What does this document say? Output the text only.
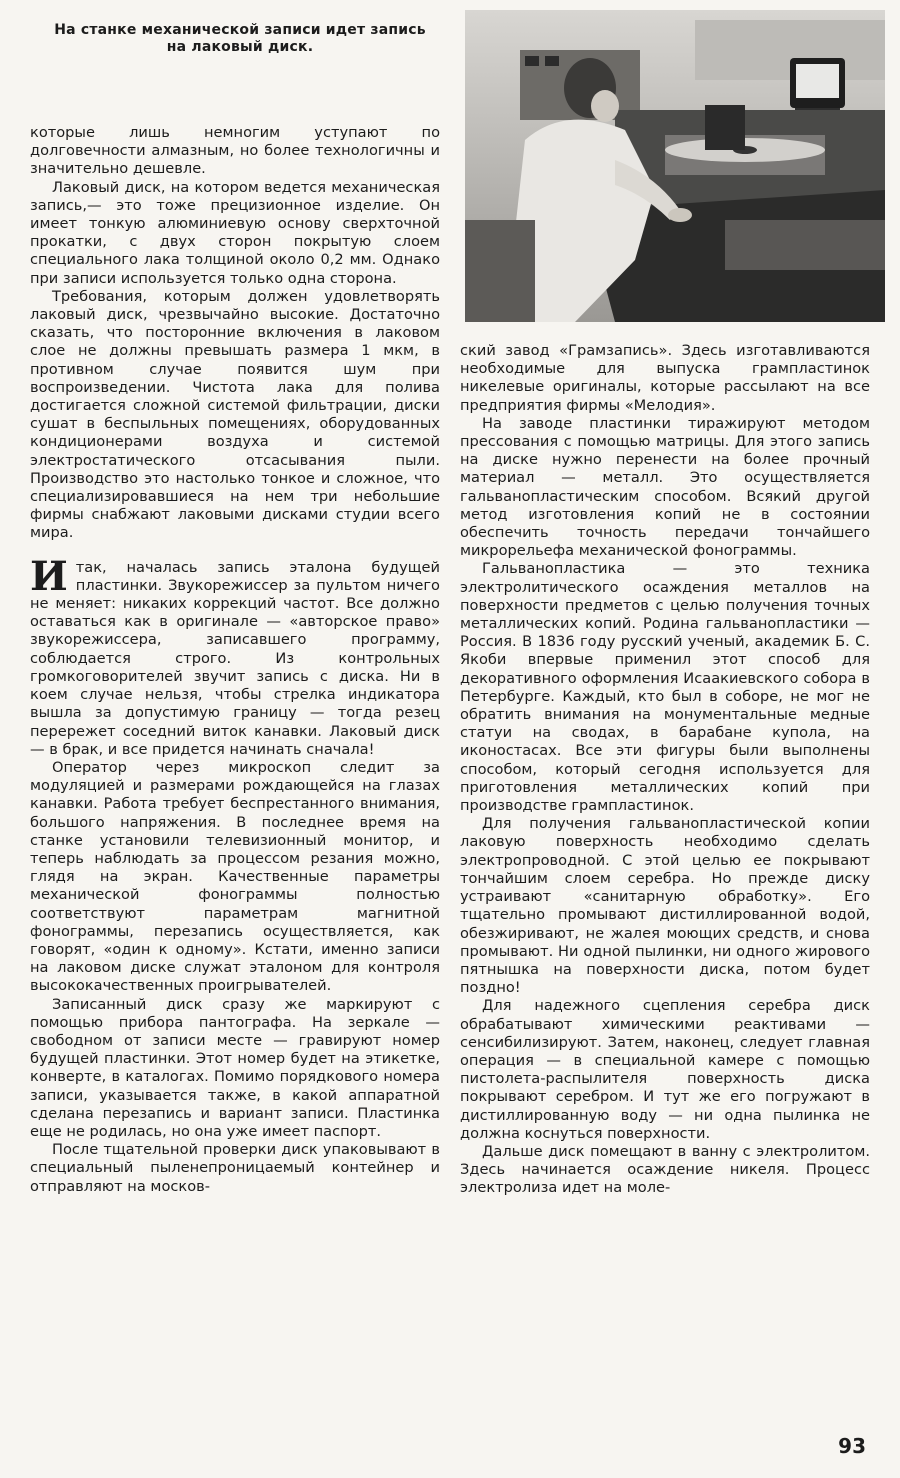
На станке механической записи идет запись
на лаковый диск.

которые лишь немногим уступают по долговечности алмазным, но более технологичны и значительно дешевле.

Лаковый диск, на котором ведется механическая запись,— это тоже прецизионное изделие. Он имеет тонкую алюминиевую основу сверхточной прокатки, с двух сторон покрытую слоем специального лака толщиной около 0,2 мм. Однако при записи используется только одна сторона.

Требования, которым должен удовлетворять лаковый диск, чрезвычайно высокие. Достаточно сказать, что посторонние включения в лаковом слое не должны превышать размера 1 мкм, в противном случае появится шум при воспроизведении. Чистота лака для полива достигается сложной системой фильтрации, диски сушат в беспыльных помещениях, оборудованных кондиционерами воздуха и системой электростатического отсасывания пыли. Производство это настолько тонкое и сложное, что специализировавшиеся на нем три небольшие фирмы снабжают лаковыми дисками студии всего мира.

Итак, началась запись эталона будущей пластинки. Звукорежиссер за пультом ничего не меняет: никаких коррекций частот. Все должно оставаться как в оригинале — «авторское право» звукорежиссера, записавшего программу, соблюдается строго. Из контрольных громкоговорителей звучит запись с диска. Ни в коем случае нельзя, чтобы стрелка индикатора вышла за допустимую границу — тогда резец перережет соседний виток канавки. Лаковый диск — в брак, и все придется начинать сначала!

Оператор через микроскоп следит за модуляцией и размерами рождающейся на глазах канавки. Работа требует беспрестанного внимания, большого напряжения. В последнее время на станке установили телевизионный монитор, и теперь наблюдать за процессом резания можно, глядя на экран. Качественные параметры механической фонограммы полностью соответствуют параметрам магнитной фонограммы, перезапись осуществляется, как говорят, «один к одному». Кстати, именно записи на лаковом диске служат эталоном для контроля высококачественных проигрывателей.

Записанный диск сразу же маркируют с помощью прибора пантографа. На зеркале — свободном от записи месте — гравируют номер будущей пластинки. Этот номер будет на этикетке, конверте, в каталогах. Помимо порядкового номера записи, указывается также, в какой аппаратной сделана перезапись и вариант записи. Пластинка еще не родилась, но она уже имеет паспорт.

После тщательной проверки диск упаковывают в специальный пыленепроницаемый контейнер и отправляют на москов-

ский завод «Грамзапись». Здесь изготавливаются необходимые для выпуска грампластинок никелевые оригиналы, которые рассылают на все предприятия фирмы «Мелодия».

На заводе пластинки тиражируют методом прессования с помощью матрицы. Для этого запись на диске нужно перенести на более прочный материал — металл. Это осуществляется гальванопластическим способом. Всякий другой метод изготовления копий не в состоянии обеспечить точность передачи тончайшего микрорельефа механической фонограммы.

Гальванопластика — это техника электролитического осаждения металлов на поверхности предметов с целью получения точных металлических копий. Родина гальванопластики — Россия. В 1836 году русский ученый, академик Б. С. Якоби впервые применил этот способ для декоративного оформления Исаакиевского собора в Петербурге. Каждый, кто был в соборе, не мог не обратить внимания на монументальные медные статуи на сводах, в барабане купола, на иконостасах. Все эти фигуры были выполнены способом, который сегодня используется для приготовления металлических копий при производстве грампластинок.

Для получения гальванопластической копии лаковую поверхность необходимо сделать электропроводной. С этой целью ее покрывают тончайшим слоем серебра. Но прежде диску устраивают «санитарную обработку». Его тщательно промывают дистиллированной водой, обезжиривают, не жалея моющих средств, и снова промывают. Ни одной пылинки, ни одного жирового пятнышка на поверхности диска, потом будет поздно!

Для надежного сцепления серебра диск обрабатывают химическими реактивами — сенсибилизируют. Затем, наконец, следует главная операция — в специальной камере с помощью пистолета-распылителя поверхность диска покрывают серебром. И тут же его погружают в дистиллированную воду — ни одна пылинка не должна коснуться поверхности.

Дальше диск помещают в ванну с электролитом. Здесь начинается осаждение никеля. Процесс электролиза идет на моле-

93
